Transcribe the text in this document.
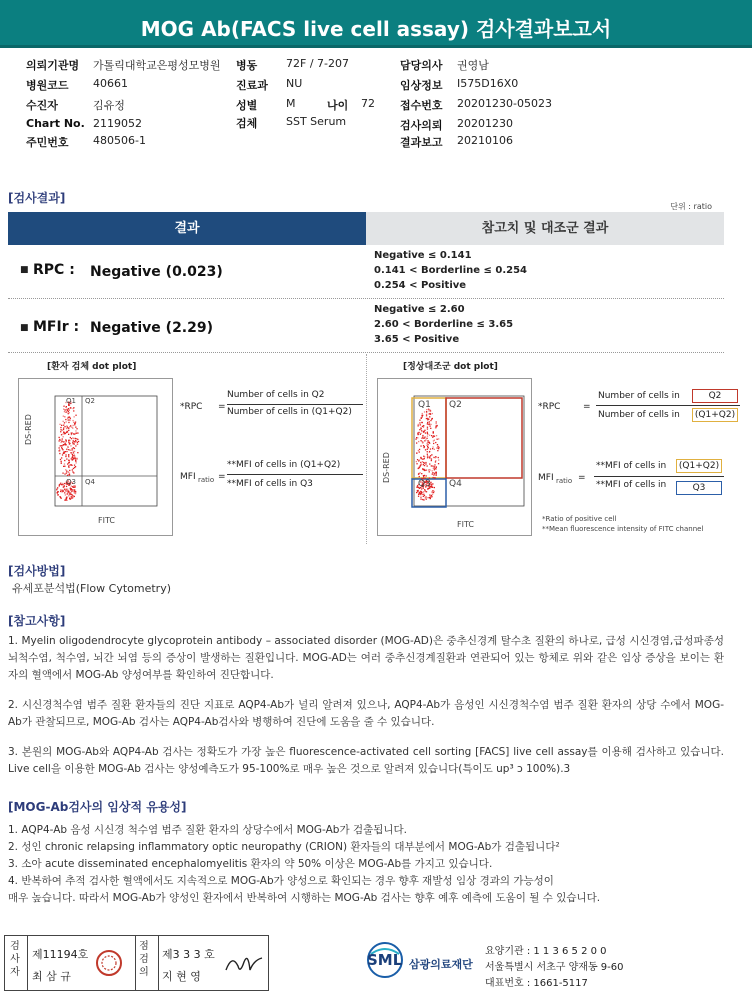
MOG Ab(FACS live cell assay) 검사결과보고서
의뢰기관명 가톨릭대학교은평성모병원 병동	72F / 7-207	담당의사 권영남
병원코드 40661	진료과 NU	임상정보 I575D16X0
수진자	김유정	성별	M	나이 72 접수번호 20201230-05023
Chart No. 2119052	검체	SST Serum	검사의뢰 20201230
주민번호 480506-1	결과보고 20210106
[검사결과]
단위 : ratio
결과	참고치 및 대조군 결과
■ RPC : Negative (0.023)
Negative ≤ 0.141
0.141 < Borderline ≤ 0.254
0.254 < Positive
■ MFIr : Negative (2.29)
Negative ≤ 2.60
2.60 < Borderline ≤ 3.65
3.65 < Positive
[환자 검체 dot plot]
Q1 Q2
Q3 Q4
DS-RED
FITC
*RPC =
Number of cells in Q2
Number of cells in (Q1+Q2)
MFI ratio =
**MFI of cells in (Q1+Q2)
**MFI of cells in Q3
[정상대조군 dot plot]
Q1 Q2
Q3 Q4
DS-RED
FITC
*RPC	=
Number of cells in	Q2
Number of cells in	(Q1+Q2)
MFI ratio =
**MFI of cells in	(Q1+Q2)
**MFI of cells in	Q3
*Ratio of positive cell
**Mean fluorescence intensity of FITC channel
[검사방법]
유세포분석법(Flow Cytometry)
[참고사항]
1. Myelin oligodendrocyte glycoprotein antibody – associated disorder (MOG-AD)은 중추신경계 탈수초 질환의 하나로, 급성 시신경염,급성파종성 뇌척수염, 척수염, 뇌간 뇌염 등의 증상이 발생하는 질환입니다. MOG-AD는 여러 중추신경계질환과 연관되어 있는 항체로 위와 같은 임상 증상을 보이는 환자의 혈액에서 MOG-Ab 양성여부를 확인하여 진단합니다.
2. 시신경척수염 범주 질환 환자들의 진단 지표로 AQP4-Ab가 널리 알려져 있으나, AQP4-Ab가 음성인 시신경척수염 범주 질환 환자의 상당 수에서 MOG-Ab가 관찰되므로, MOG-Ab 검사는 AQP4-Ab검사와 병행하여 진단에 도움을 줄 수 있습니다.
3. 본원의 MOG-Ab와 AQP4-Ab 검사는 정확도가 가장 높은 fluorescence-activated cell sorting [FACS] live cell assay를 이용해 검사하고 있습니다. Live cell을 이용한 MOG-Ab 검사는 양성예측도가 95-100%로 매우 높은 것으로 알려져 있습니다(특이도 up³ ↄ 100%).3
[MOG-Ab검사의 임상적 유용성]
1. AQP4-Ab 음성 시신경 척수염 범주 질환 환자의 상당수에서 MOG-Ab가 검출됩니다.
2. 성인 chronic relapsing inflammatory optic neuropathy (CRION) 환자들의 대부분에서 MOG-Ab가 검출됩니다²
3. 소아 acute disseminated encephalomyelitis 환자의 약 50% 이상은 MOG-Ab를 가지고 있습니다.
4. 반복하여 추적 검사한 혈액에서도 지속적으로 MOG-Ab가 양성으로 확인되는 경우 향후 재발성 임상 경과의 가능성이
매우 높습니다. 따라서 MOG-Ab가 양성인 환자에서 반복하여 시행하는 MOG-Ab 검사는 향후 예후 예측에 도움이 될 수 있습니다.
검사자
제11194호
최 삼 규
점검의
제3 3 3 호
지 현 영
SML 삼광의료재단
요양기관 : 1 1 3 6 5 2 0 0
서울특별시 서초구 양재동 9-60
대표번호 : 1661-5117
